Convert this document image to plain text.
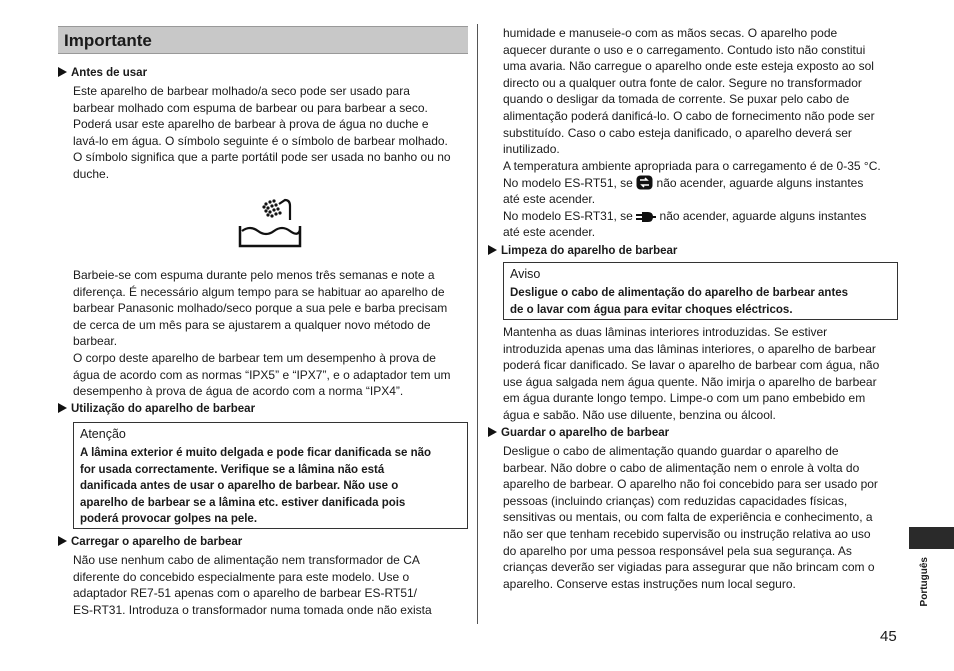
Importante
Antes de usar
Este aparelho de barbear molhado/a seco pode ser usado para
barbear molhado com espuma de barbear ou para barbear a seco.
Poderá usar este aparelho de barbear à prova de água no duche e
lavá-lo em água. O símbolo seguinte é o símbolo de barbear molhado.
O símbolo significa que a parte portátil pode ser usada no banho ou no
duche.
Barbeie-se com espuma durante pelo menos três semanas e note a
diferença. É necessário algum tempo para se habituar ao aparelho de
barbear Panasonic molhado/seco porque a sua pele e barba precisam
de cerca de um mês para se ajustarem a qualquer novo método de
barbear.
O corpo deste aparelho de barbear tem um desempenho à prova de
água de acordo com as normas “IPX5” e “IPX7”, e o adaptador tem um
desempenho à prova de água de acordo com a norma “IPX4”.
Utilização do aparelho de barbear
Atenção
A lâmina exterior é muito delgada e pode ficar danificada se não
for usada correctamente. Verifique se a lâmina não está
danificada antes de usar o aparelho de barbear. Não use o
aparelho de barbear se a lâmina etc. estiver danificada pois
poderá provocar golpes na pele.
Carregar o aparelho de barbear
Não use nenhum cabo de alimentação nem transformador de CA
diferente do concebido especialmente para este modelo. Use o
adaptador RE7-51 apenas com o aparelho de barbear ES-RT51/
ES-RT31. Introduza o transformador numa tomada onde não exista
humidade e manuseie-o com as mãos secas. O aparelho pode
aquecer durante o uso e o carregamento. Contudo isto não constitui
uma avaria. Não carregue o aparelho onde este esteja exposto ao sol
directo ou a qualquer outra fonte de calor. Segure no transformador
quando o desligar da tomada de corrente. Se puxar pelo cabo de
alimentação poderá danificá-lo. O cabo de fornecimento não pode ser
substituído. Caso o cabo esteja danificado, o aparelho deverá ser
inutilizado.
A temperatura ambiente apropriada para o carregamento é de 0-35 °C.
No modelo ES-RT51, se não acender, aguarde alguns instantes
até este acender.
No modelo ES-RT31, se não acender, aguarde alguns instantes
até este acender.
Limpeza do aparelho de barbear
Aviso
Desligue o cabo de alimentação do aparelho de barbear antes
de o lavar com água para evitar choques eléctricos.
Mantenha as duas lâminas interiores introduzidas. Se estiver
introduzida apenas uma das lâminas interiores, o aparelho de barbear
poderá ficar danificado. Se lavar o aparelho de barbear com água, não
use água salgada nem água quente. Não imirja o aparelho de barbear
em água durante longo tempo. Limpe-o com um pano embebido em
água e sabão. Não use diluente, benzina ou álcool.
Guardar o aparelho de barbear
Desligue o cabo de alimentação quando guardar o aparelho de
barbear. Não dobre o cabo de alimentação nem o enrole à volta do
aparelho de barbear. O aparelho não foi concebido para ser usado por
pessoas (incluindo crianças) com reduzidas capacidades físicas,
sensitivas ou mentais, ou com falta de experiência e conhecimento, a
não ser que tenham recebido supervisão ou instrução relativa ao uso
do aparelho por uma pessoa responsável pela sua segurança. As
crianças deverão ser vigiadas para assegurar que não brincam com o
aparelho. Conserve estas instruções num local seguro.	Português
45
